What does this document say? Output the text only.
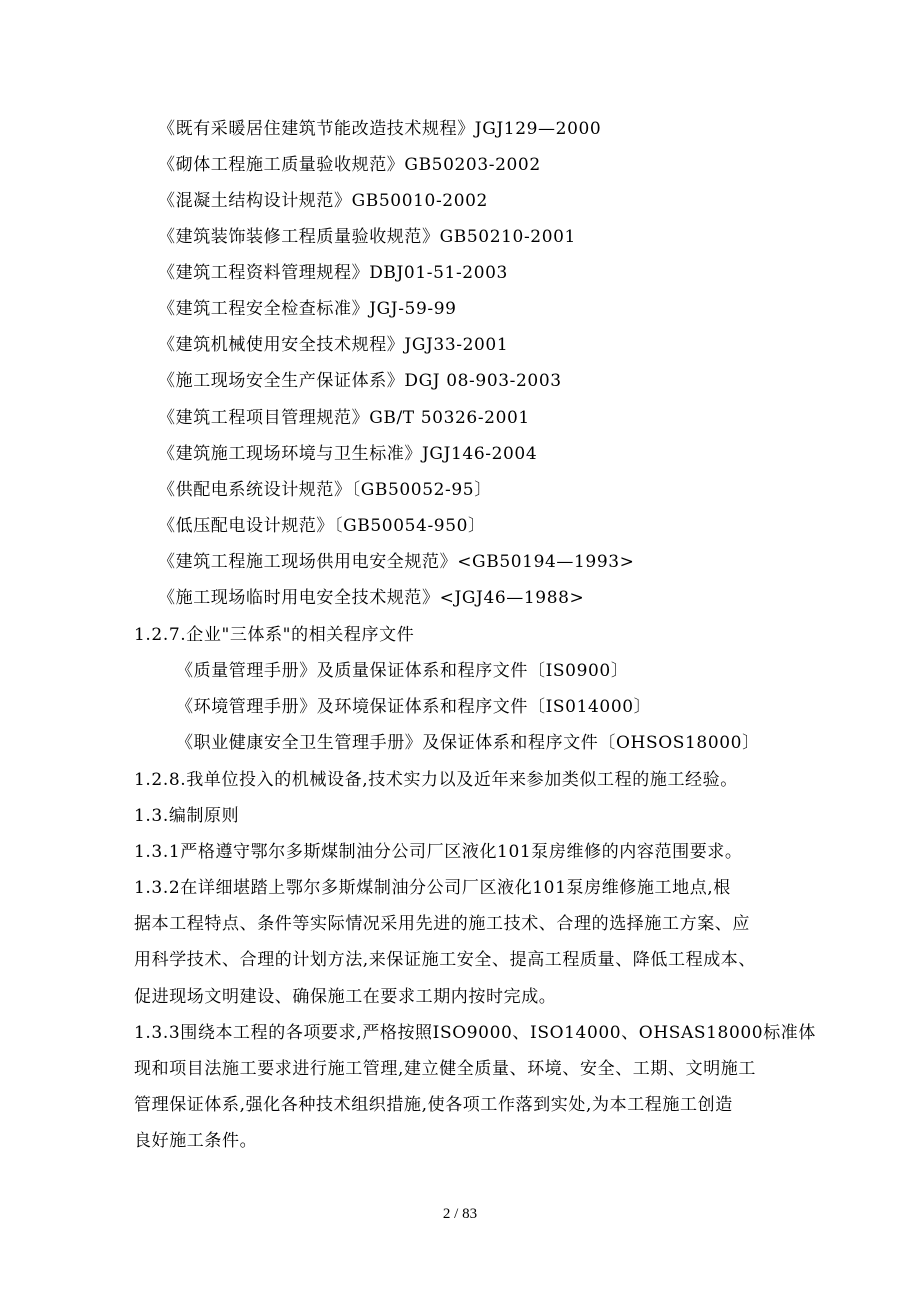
《既有采暖居住建筑节能改造技术规程》JGJ129—2000
《砌体工程施工质量验收规范》GB50203-2002
《混凝土结构设计规范》GB50010-2002
《建筑装饰装修工程质量验收规范》GB50210-2001
《建筑工程资料管理规程》DBJ01-51-2003
《建筑工程安全检查标准》JGJ-59-99
《建筑机械使用安全技术规程》JGJ33-2001
《施工现场安全生产保证体系》DGJ 08-903-2003
《建筑工程项目管理规范》GB/T 50326-2001
《建筑施工现场环境与卫生标准》JGJ146-2004
《供配电系统设计规范》〔GB50052-95〕
《低压配电设计规范》〔GB50054-950〕
《建筑工程施工现场供用电安全规范》<GB50194—1993>
《施工现场临时用电安全技术规范》<JGJ46—1988>
1.2.7.企业"三体系"的相关程序文件
《质量管理手册》及质量保证体系和程序文件〔IS0900〕
《环境管理手册》及环境保证体系和程序文件〔IS014000〕
《职业健康安全卫生管理手册》及保证体系和程序文件〔OHSOS18000〕
1.2.8.我单位投入的机械设备,技术实力以及近年来参加类似工程的施工经验。
1.3.编制原则
1.3.1严格遵守鄂尔多斯煤制油分公司厂区液化101泵房维修的内容范围要求。
1.3.2在详细堪踏上鄂尔多斯煤制油分公司厂区液化101泵房维修施工地点,根
据本工程特点、条件等实际情况采用先进的施工技术、合理的选择施工方案、应
用科学技术、合理的计划方法,来保证施工安全、提高工程质量、降低工程成本、
促进现场文明建设、确保施工在要求工期内按时完成。
1.3.3围绕本工程的各项要求,严格按照ISO9000、ISO14000、OHSAS18000标准体
现和项目法施工要求进行施工管理,建立健全质量、环境、安全、工期、文明施工
管理保证体系,强化各种技术组织措施,使各项工作落到实处,为本工程施工创造
良好施工条件。
2 / 83
